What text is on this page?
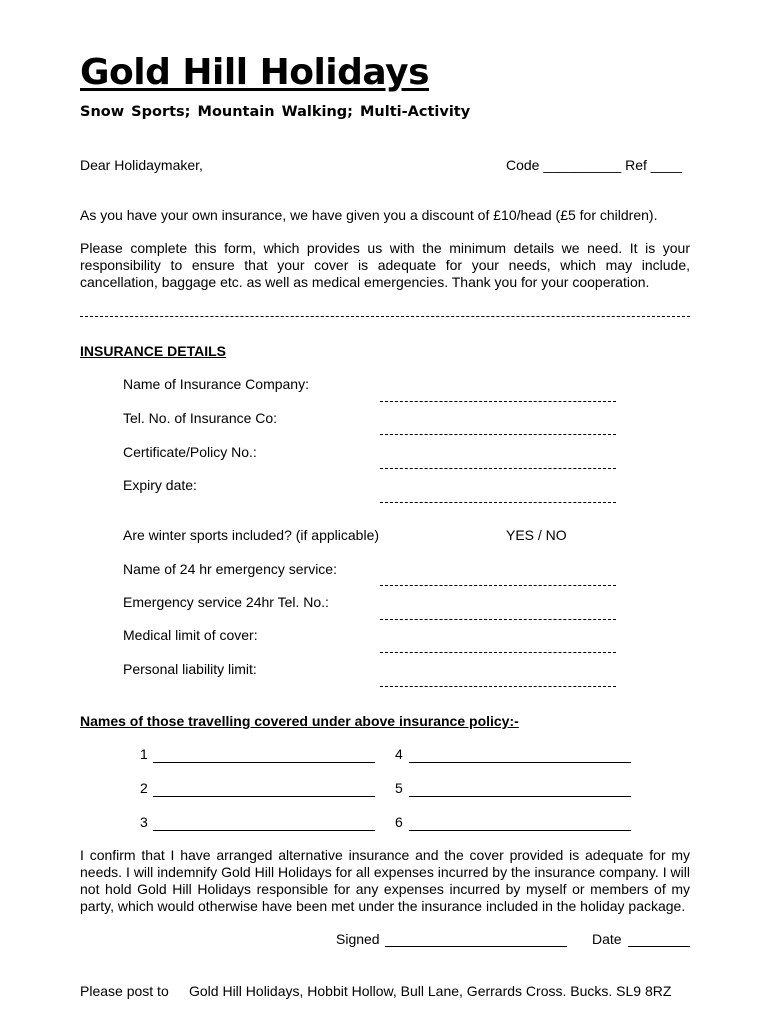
Gold Hill Holidays
Snow Sports; Mountain Walking; Multi-Activity
Dear Holidaymaker,	Code __________ Ref ____
As you have your own insurance, we have given you a discount of £10/head (£5 for children).
Please complete this form, which provides us with the minimum details we need. It is your responsibility to ensure that your cover is adequate for your needs, which may include, cancellation, baggage etc. as well as medical emergencies. Thank you for your cooperation.
INSURANCE DETAILS
Name of Insurance Company:
Tel. No. of Insurance Co:
Certificate/Policy No.:
Expiry date:
Are winter sports included? (if applicable)	YES / NO
Name of 24 hr emergency service:
Emergency service 24hr Tel. No.:
Medical limit of cover:
Personal liability limit:
Names of those travelling covered under above insurance policy:-
1	4
2	5
3	6
I confirm that I have arranged alternative insurance and the cover provided is adequate for my needs. I will indemnify Gold Hill Holidays for all expenses incurred by the insurance company. I will not hold Gold Hill Holidays responsible for any expenses incurred by myself or members of my party, which would otherwise have been met under the insurance included in the holiday package.
Signed	Date
Please post to Gold Hill Holidays, Hobbit Hollow, Bull Lane, Gerrards Cross. Bucks. SL9 8RZ
